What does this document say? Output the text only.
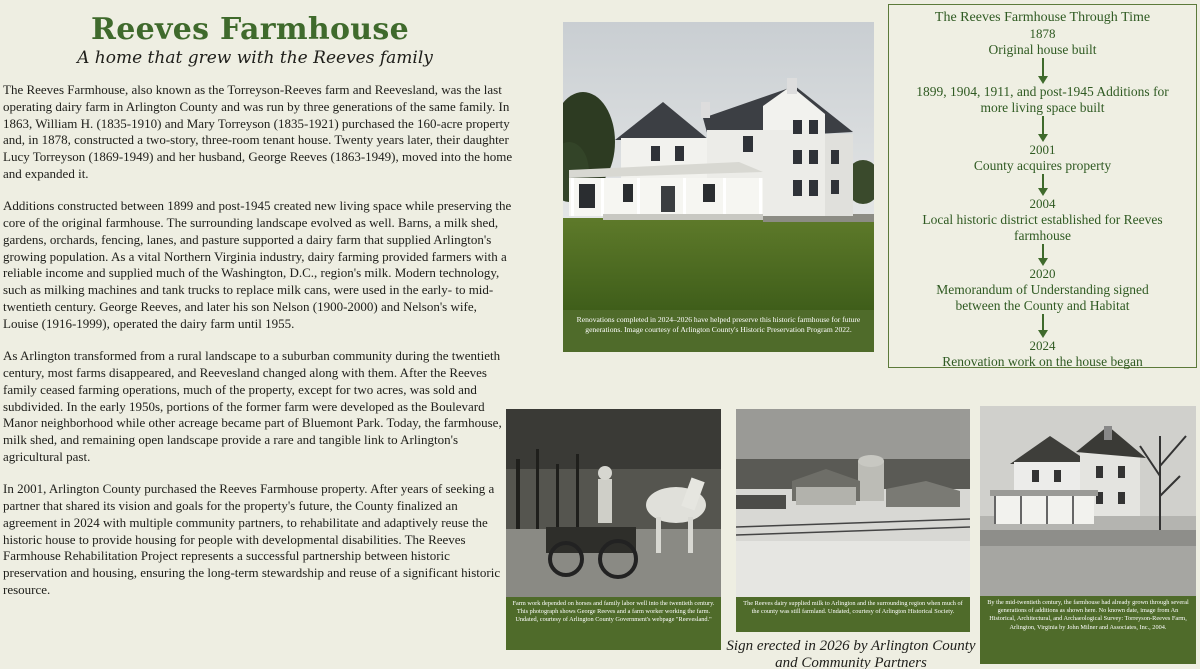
Reeves Farmhouse
A home that grew with the Reeves family

The Reeves Farmhouse, also known as the Torreyson-Reeves farm and Reevesland, was the last operating dairy farm in Arlington County and was run by three generations of the same family. In 1863, William H. (1835-1910) and Mary Torreyson (1835-1921) purchased the 160-acre property and, in 1878, constructed a two-story, three-room tenant house. Twenty years later, their daughter Lucy Torreyson (1869-1949) and her husband, George Reeves (1863-1949), moved into the home and expanded it.

Additions constructed between 1899 and post-1945 created new living space while preserving the core of the original farmhouse. The surrounding landscape evolved as well. Barns, a milk shed, gardens, orchards, fencing, lanes, and pasture supported a dairy farm that supplied Arlington's growing population. As a vital Northern Virginia industry, dairy farming provided farmers with a reliable income and supplied much of the Washington, D.C., region's milk. Modern technology, such as milking machines and tank trucks to replace milk cans, were used in the early- to mid-twentieth century. George Reeves, and later his son Nelson (1900-2000) and Nelson's wife, Louise (1916-1999), operated the dairy farm until 1955.

As Arlington transformed from a rural landscape to a suburban community during the twentieth century, most farms disappeared, and Reevesland changed along with them. After the Reeves family ceased farming operations, much of the property, except for two acres, was sold and subdivided. In the early 1950s, portions of the former farm were developed as the Boulevard Manor neighborhood while other acreage became part of Bluemont Park. Today, the farmhouse, milk shed, and remaining open landscape provide a rare and tangible link to Arlington's agricultural past.

In 2001, Arlington County purchased the Reeves Farmhouse property. After years of seeking a partner that shared its vision and goals for the property's future, the County finalized an agreement in 2024 with multiple community partners, to rehabilitate and adaptively reuse the historic house to provide housing for people with developmental disabilities. The Reeves Farmhouse Rehabilitation Project represents a successful partnership between historic preservation and housing, ensuring the long-term stewardship and reuse of a significant historic resource.

Renovations completed in 2024–2026 have helped preserve this historic farmhouse for future generations. Image courtesy of Arlington County's Historic Preservation Program 2022.
The Reeves Farmhouse Through Time
1878
Original house built
1899, 1904, 1911, and post-1945 Additions for more living space built
2001
County acquires property
2004
Local historic district established for Reeves farmhouse
2020
Memorandum of Understanding signed between the County and Habitat
2024
Renovation work on the house began
Farm work depended on horses and family labor well into the twentieth century. This photograph shows George Reeves and a farm worker working the farm. Undated, courtesy of Arlington County Government's webpage "Reevesland."
The Reeves dairy supplied milk to Arlington and the surrounding region when much of the county was still farmland. Undated, courtesy of Arlington Historical Society.
By the mid-twentieth century, the farmhouse had already grown through several generations of additions as shown here. No known date, image from An Historical, Architectural, and Archaeological Survey: Torreyson-Reeves Farm, Arlington, Virginia by John Milner and Associates, Inc., 2004.
Sign erected in 2026 by Arlington County and Community Partners
